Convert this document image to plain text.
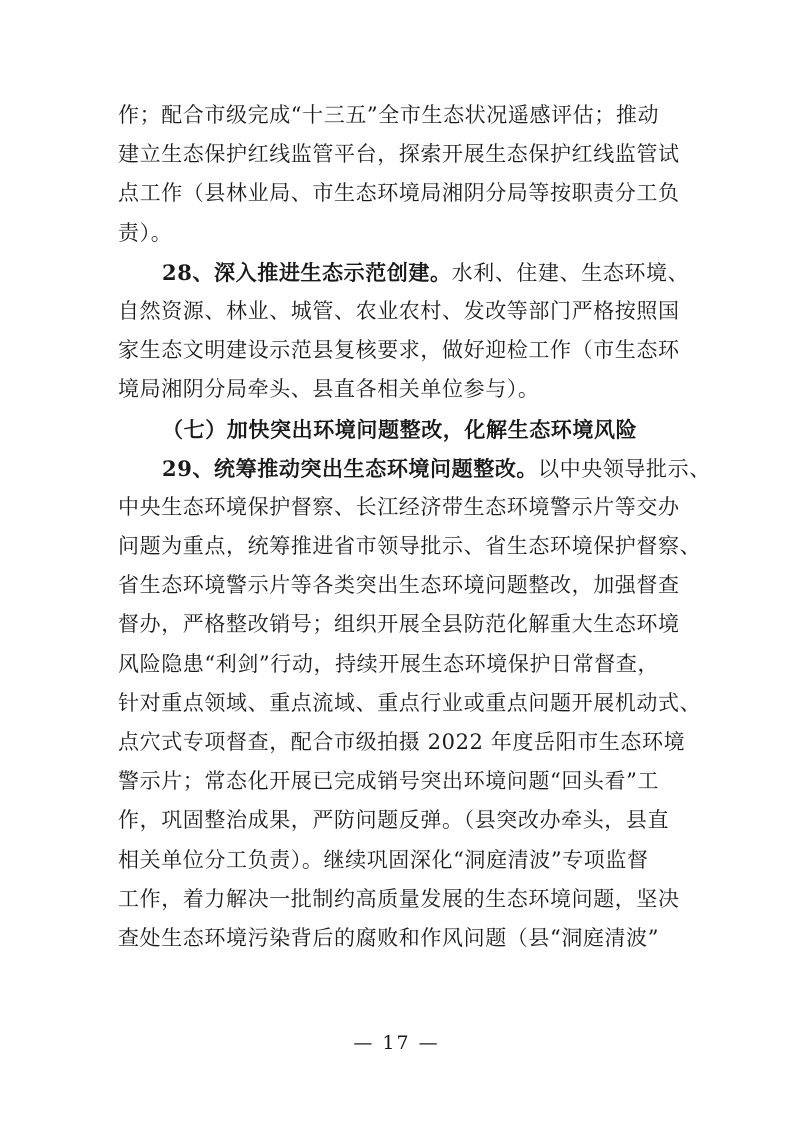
作；配合市级完成“十三五”全市生态状况遥感评估；推动
建立生态保护红线监管平台，探索开展生态保护红线监管试
点工作（县林业局、市生态环境局湘阴分局等按职责分工负
责）。
28、深入推进生态示范创建。水利、住建、生态环境、
自然资源、林业、城管、农业农村、发改等部门严格按照国
家生态文明建设示范县复核要求，做好迎检工作（市生态环
境局湘阴分局牵头、县直各相关单位参与）。
（七）加快突出环境问题整改，化解生态环境风险
29、统筹推动突出生态环境问题整改。以中央领导批示、
中央生态环境保护督察、长江经济带生态环境警示片等交办
问题为重点，统筹推进省市领导批示、省生态环境保护督察、
省生态环境警示片等各类突出生态环境问题整改，加强督查
督办，严格整改销号；组织开展全县防范化解重大生态环境
风险隐患“利剑”行动，持续开展生态环境保护日常督查，
针对重点领域、重点流域、重点行业或重点问题开展机动式、
点穴式专项督查，配合市级拍摄 2022 年度岳阳市生态环境
警示片；常态化开展已完成销号突出环境问题“回头看”工
作，巩固整治成果，严防问题反弹。（县突改办牵头，县直
相关单位分工负责）。继续巩固深化“洞庭清波”专项监督
工作，着力解决一批制约高质量发展的生态环境问题，坚决
查处生态环境污染背后的腐败和作风问题（县“洞庭清波”
— 17 —
